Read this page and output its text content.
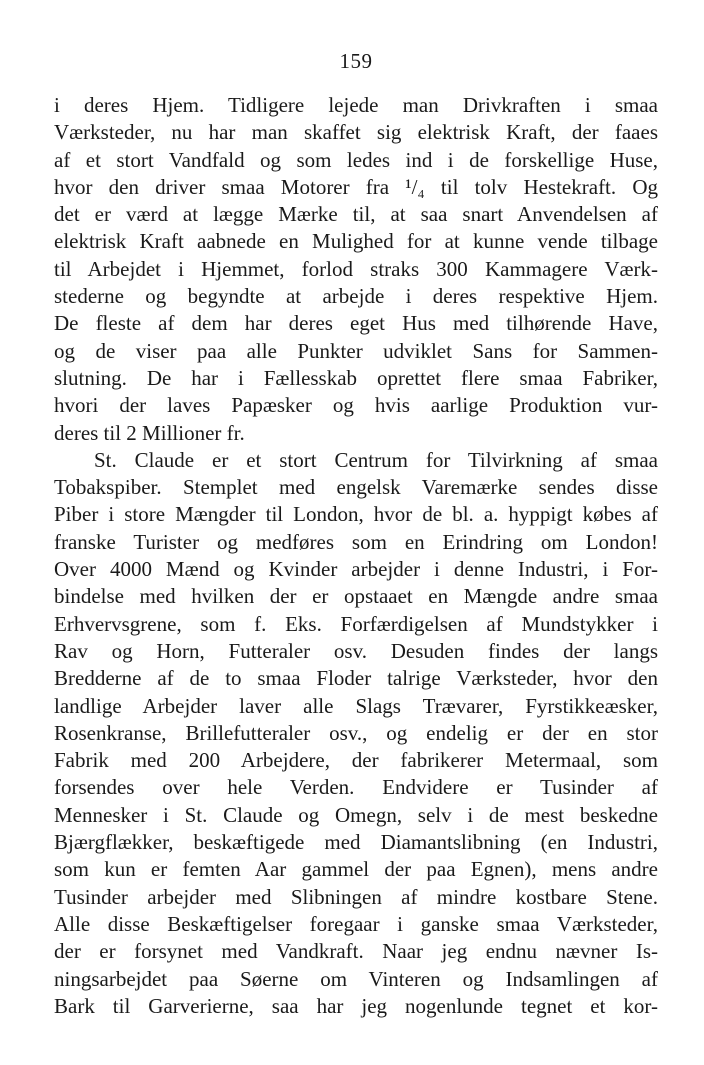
159
i deres Hjem. Tidligere lejede man Drivkraften i smaa
Værksteder, nu har man skaffet sig elektrisk Kraft, der faaes
af et stort Vandfald og som ledes ind i de forskellige Huse,
hvor den driver smaa Motorer fra ¹/₄ til tolv Hestekraft. Og
det er værd at lægge Mærke til, at saa snart Anvendelsen af
elektrisk Kraft aabnede en Mulighed for at kunne vende tilbage
til Arbejdet i Hjemmet, forlod straks 300 Kammagere Værk-
stederne og begyndte at arbejde i deres respektive Hjem.
De fleste af dem har deres eget Hus med tilhørende Have,
og de viser paa alle Punkter udviklet Sans for Sammen-
slutning. De har i Fællesskab oprettet flere smaa Fabriker,
hvori der laves Papæsker og hvis aarlige Produktion vur-
deres til 2 Millioner fr.
St. Claude er et stort Centrum for Tilvirkning af smaa
Tobakspiber. Stemplet med engelsk Varemærke sendes disse
Piber i store Mængder til London, hvor de bl. a. hyppigt købes af
franske Turister og medføres som en Erindring om London!
Over 4000 Mænd og Kvinder arbejder i denne Industri, i For-
bindelse med hvilken der er opstaaet en Mængde andre smaa
Erhvervsgrene, som f. Eks. Forfærdigelsen af Mundstykker i
Rav og Horn, Futteraler osv. Desuden findes der langs
Bredderne af de to smaa Floder talrige Værksteder, hvor den
landlige Arbejder laver alle Slags Trævarer, Fyrstikkeæsker,
Rosenkranse, Brillefutteraler osv., og endelig er der en stor
Fabrik med 200 Arbejdere, der fabrikerer Metermaal, som
forsendes over hele Verden. Endvidere er Tusinder af
Mennesker i St. Claude og Omegn, selv i de mest beskedne
Bjærgflækker, beskæftigede med Diamantslibning (en Industri,
som kun er femten Aar gammel der paa Egnen), mens andre
Tusinder arbejder med Slibningen af mindre kostbare Stene.
Alle disse Beskæftigelser foregaar i ganske smaa Værksteder,
der er forsynet med Vandkraft. Naar jeg endnu nævner Is-
ningsarbejdet paa Søerne om Vinteren og Indsamlingen af
Bark til Garverierne, saa har jeg nogenlunde tegnet et kor-
